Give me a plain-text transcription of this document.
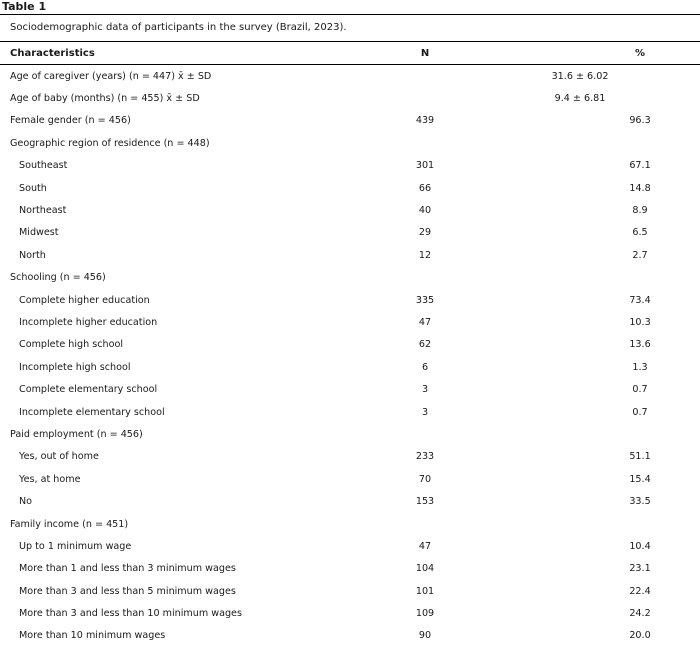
Table 1
Sociodemographic data of participants in the survey (Brazil, 2023).
Characteristics	N	%
Age of caregiver (years) (n = 447) x̄ ± SD	31.6 ± 6.02	
Age of baby (months) (n = 455) x̄ ± SD	9.4 ± 6.81	
Female gender (n = 456)	439	96.3
Geographic region of residence (n = 448)		
Southeast	301	67.1
South	66	14.8
Northeast	40	8.9
Midwest	29	6.5
North	12	2.7
Schooling (n = 456)		
Complete higher education	335	73.4
Incomplete higher education	47	10.3
Complete high school	62	13.6
Incomplete high school	6	1.3
Complete elementary school	3	0.7
Incomplete elementary school	3	0.7
Paid employment (n = 456)		
Yes, out of home	233	51.1
Yes, at home	70	15.4
No	153	33.5
Family income (n = 451)		
Up to 1 minimum wage	47	10.4
More than 1 and less than 3 minimum wages	104	23.1
More than 3 and less than 5 minimum wages	101	22.4
More than 3 and less than 10 minimum wages	109	24.2
More than 10 minimum wages	90	20.0
